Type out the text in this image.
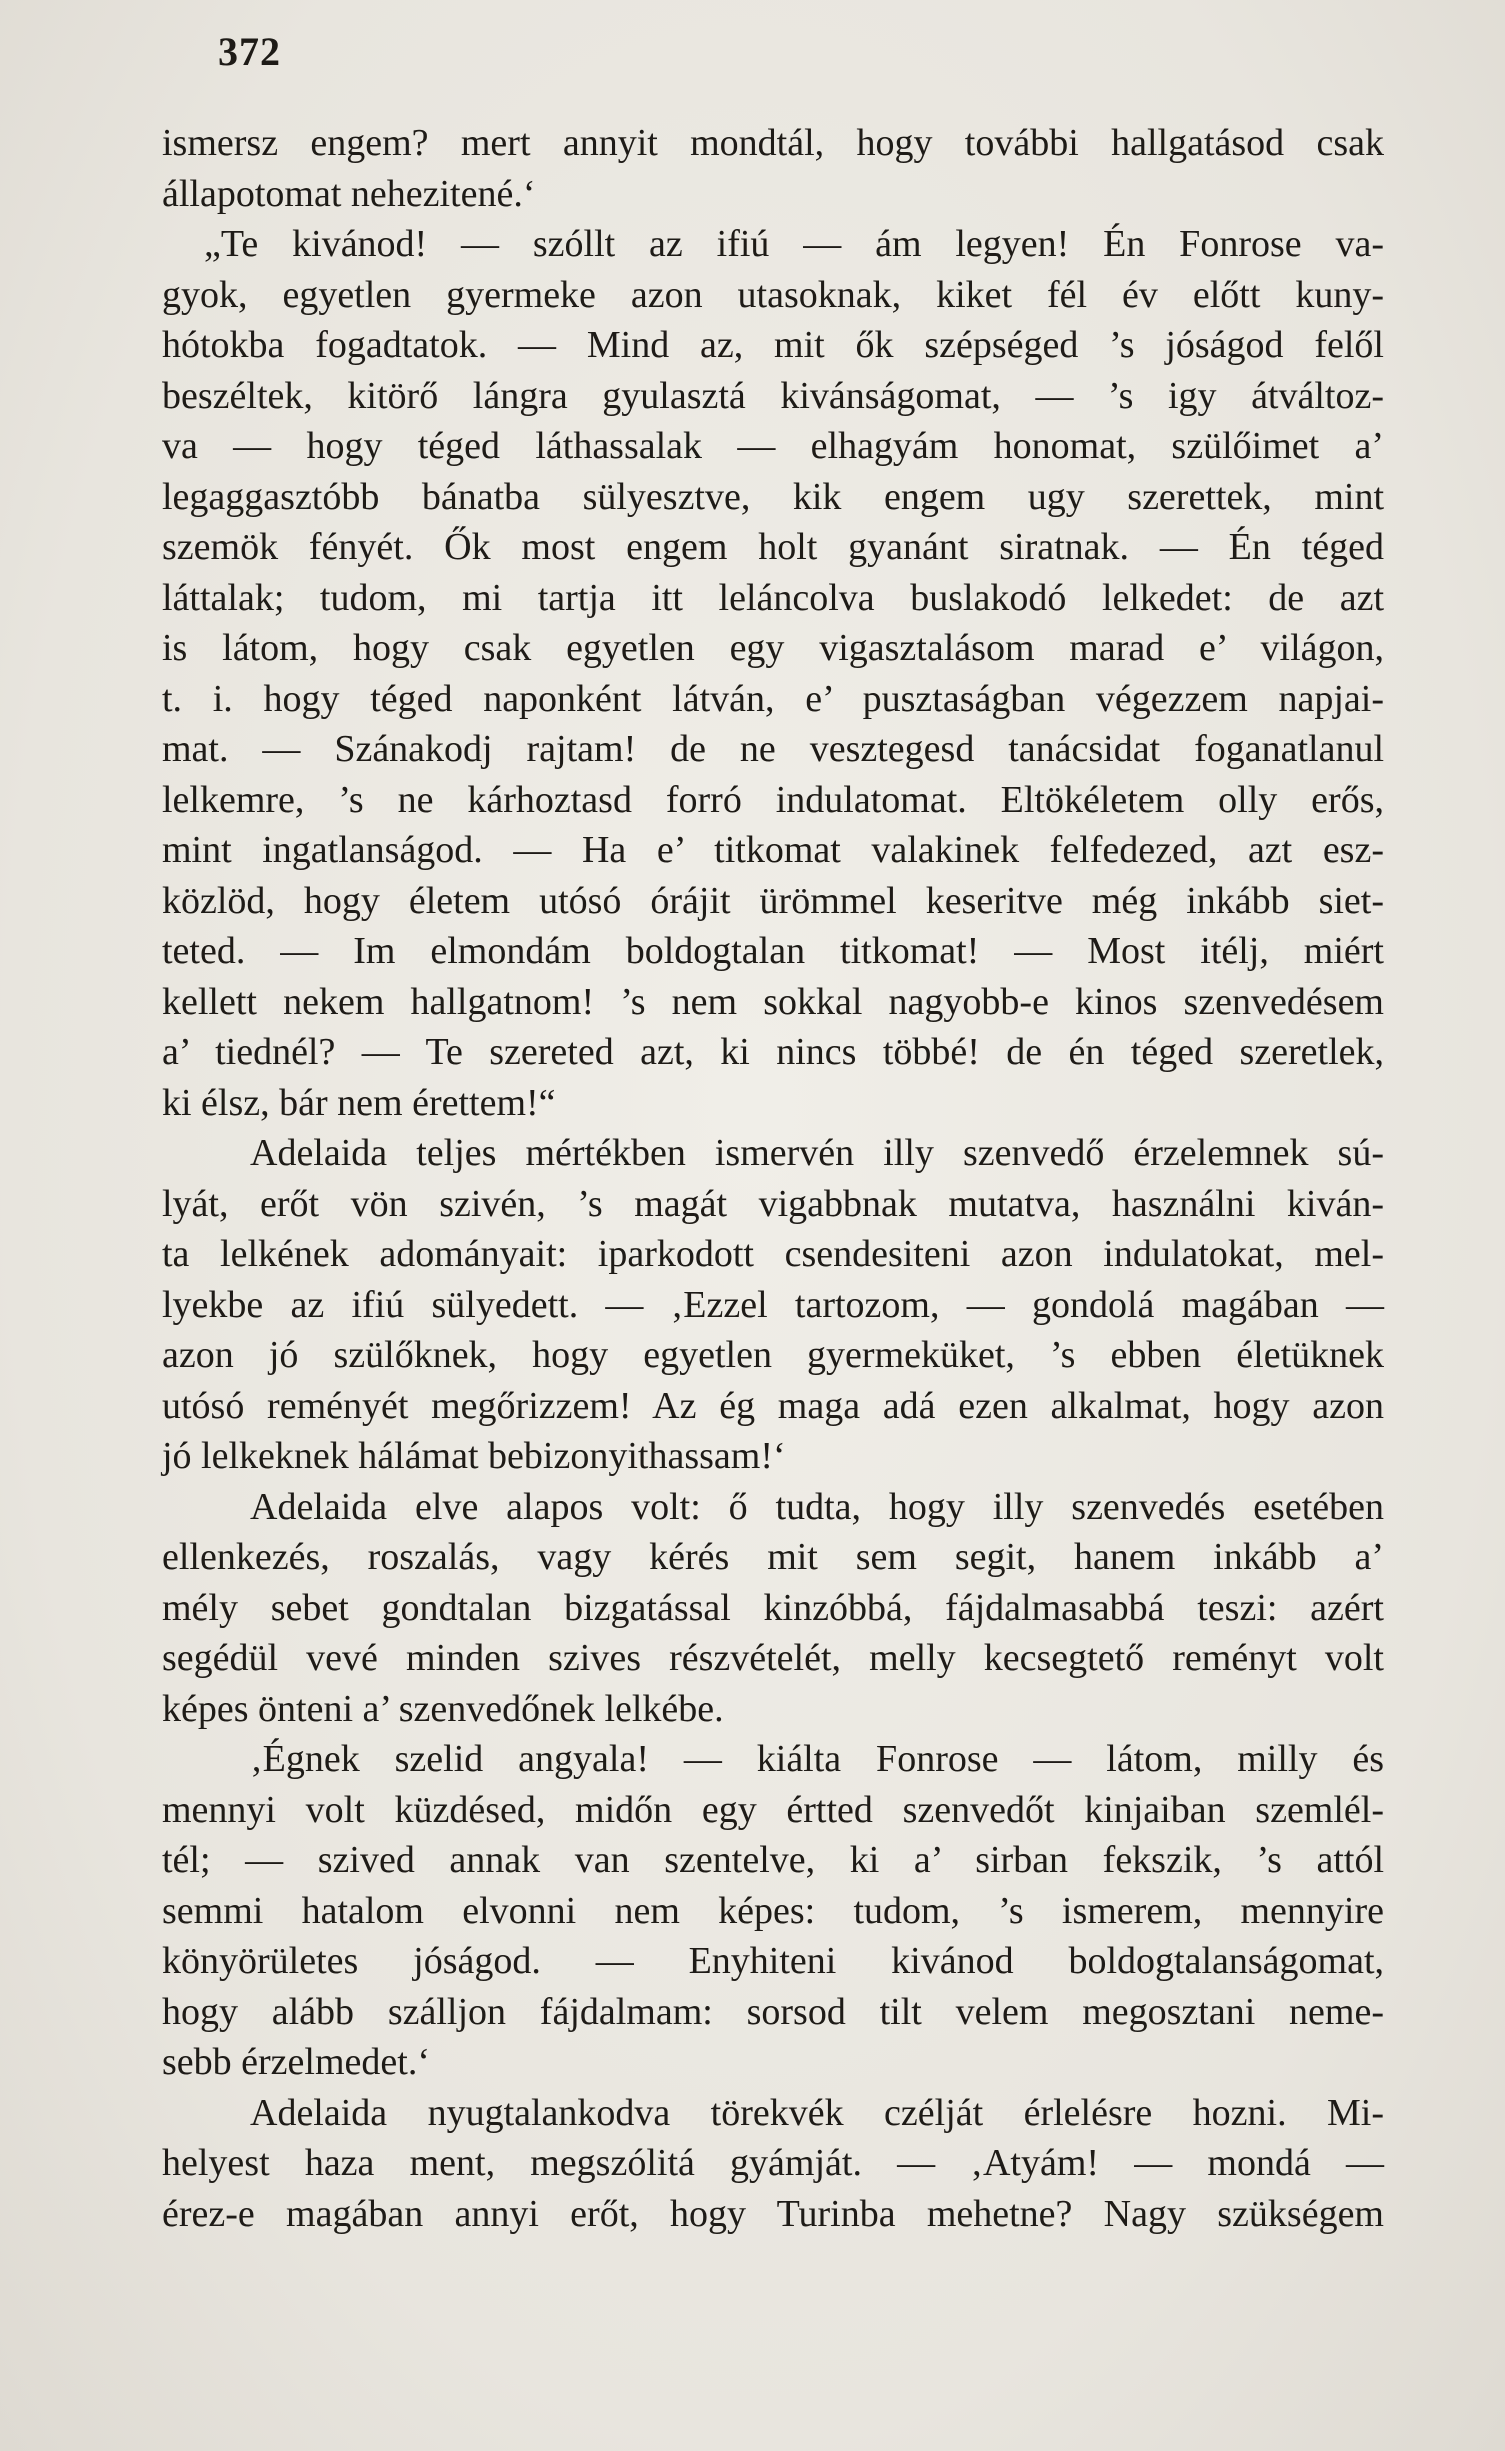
372
ismersz engem? mert annyit mondtál, hogy további hallgatásod csak
állapotomat nehezitené.‘
„Te kivánod! — szóllt az ifiú — ám legyen! Én Fonrose va-
gyok, egyetlen gyermeke azon utasoknak, kiket fél év előtt kuny-
hótokba fogadtatok. — Mind az, mit ők szépséged ’s jóságod felől
beszéltek, kitörő lángra gyulasztá kivánságomat, — ’s igy átváltoz-
va — hogy téged láthassalak — elhagyám honomat, szülőimet a’
legaggasztóbb bánatba sülyesztve, kik engem ugy szerettek, mint
szemök fényét. Ők most engem holt gyanánt siratnak. — Én téged
láttalak; tudom, mi tartja itt leláncolva buslakodó lelkedet: de azt
is látom, hogy csak egyetlen egy vigasztalásom marad e’ világon,
t. i. hogy téged naponként látván, e’ pusztaságban végezzem napjai-
mat. — Szánakodj rajtam! de ne vesztegesd tanácsidat foganatlanul
lelkemre, ’s ne kárhoztasd forró indulatomat. Eltökéletem olly erős,
mint ingatlanságod. — Ha e’ titkomat valakinek felfedezed, azt esz-
közlöd, hogy életem utósó órájit ürömmel keseritve még inkább siet-
teted. — Im elmondám boldogtalan titkomat! — Most itélj, miért
kellett nekem hallgatnom! ’s nem sokkal nagyobb-e kinos szenvedésem
a’ tiednél? — Te szereted azt, ki nincs többé! de én téged szeretlek,
ki élsz, bár nem érettem!“
Adelaida teljes mértékben ismervén illy szenvedő érzelemnek sú-
lyát, erőt vön szivén, ’s magát vigabbnak mutatva, használni kiván-
ta lelkének adományait: iparkodott csendesiteni azon indulatokat, mel-
lyekbe az ifiú sülyedett. — ‚Ezzel tartozom, — gondolá magában —
azon jó szülőknek, hogy egyetlen gyermeküket, ’s ebben életüknek
utósó reményét megőrizzem! Az ég maga adá ezen alkalmat, hogy azon
jó lelkeknek hálámat bebizonyithassam!‘
Adelaida elve alapos volt: ő tudta, hogy illy szenvedés esetében
ellenkezés, roszalás, vagy kérés mit sem segit, hanem inkább a’
mély sebet gondtalan bizgatással kinzóbbá, fájdalmasabbá teszi: azért
segédül vevé minden szives részvételét, melly kecsegtető reményt volt
képes önteni a’ szenvedőnek lelkébe.
‚Égnek szelid angyala! — kiálta Fonrose — látom, milly és
mennyi volt küzdésed, midőn egy értted szenvedőt kinjaiban szemlél-
tél; — szived annak van szentelve, ki a’ sirban fekszik, ’s attól
semmi hatalom elvonni nem képes: tudom, ’s ismerem, mennyire
könyörületes jóságod. — Enyhiteni kivánod boldogtalanságomat,
hogy alább szálljon fájdalmam: sorsod tilt velem megosztani neme-
sebb érzelmedet.‘
Adelaida nyugtalankodva törekvék czélját érlelésre hozni. Mi-
helyest haza ment, megszólitá gyámját. — ‚Atyám! — mondá —
érez-e magában annyi erőt, hogy Turinba mehetne? Nagy szükségem
